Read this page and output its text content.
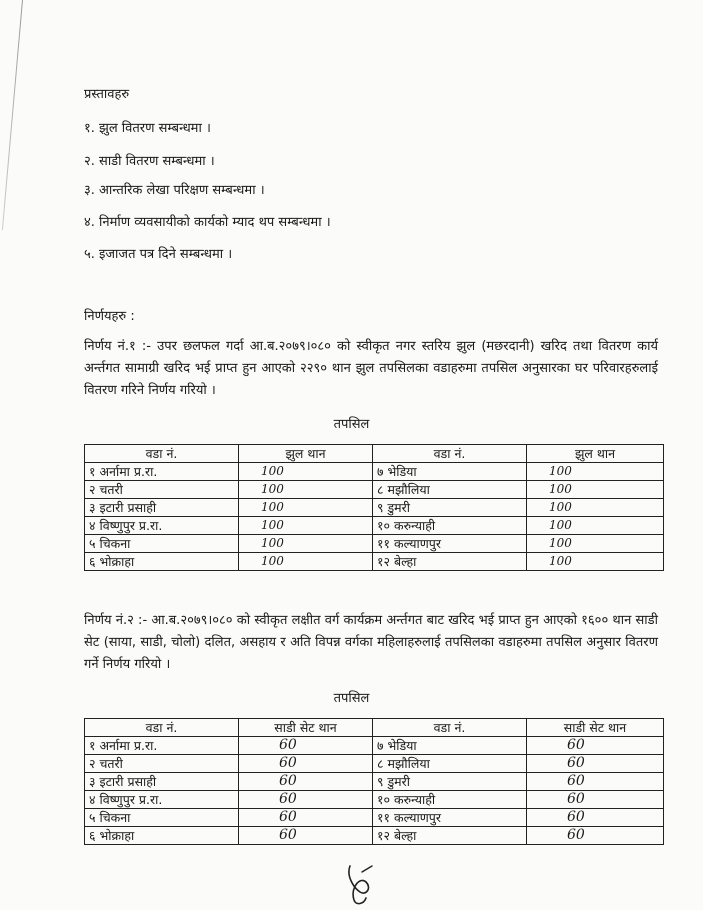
प्रस्तावहरु
१. झुल वितरण सम्बन्धमा ।
२. साडी वितरण सम्बन्धमा ।
३. आन्तरिक लेखा परिक्षण सम्बन्धमा ।
४. निर्माण व्यवसायीको कार्यको म्याद थप सम्बन्धमा ।
५. इजाजत पत्र दिने सम्बन्धमा ।
निर्णयहरु :
निर्णय नं.१ :- उपर छलफल गर्दा आ.ब.२०७९।०८० को स्वीकृत नगर स्तरिय झुल (मछरदानी) खरिद तथा वितरण कार्य अर्न्तगत सामाग्री खरिद भई प्राप्त हुन आएको २२९० थान झुल तपसिलका वडाहरुमा तपसिल अनुसारका घर परिवारहरुलाई वितरण गरिने निर्णय गरियो ।
तपसिल
वडा नं.	झुल थान	वडा नं.	झुल थान
१ अर्नामा प्र.रा.	100	७ भेडिया	100
२ चतरी	100	८ मझौलिया	100
३ इटारी प्रसाही	100	९ डुमरी	100
४ विष्णुपुर प्र.रा.	100	१० करुन्याही	100
५ चिकना	100	११ कल्याणपुर	100
६ भोक्राहा	100	१२ बेल्हा	100
निर्णय नं.२ :- आ.ब.२०७९।०८० को स्वीकृत लक्षीत वर्ग कार्यक्रम अर्न्तगत बाट खरिद भई प्राप्त हुन आएको १६०० थान साडी सेट (साया, साडी, चोलो) दलित, असहाय र अति विपन्न वर्गका महिलाहरुलाई तपसिलका वडाहरुमा तपसिल अनुसार वितरण गर्ने निर्णय गरियो ।
तपसिल
वडा नं.	साडी सेट थान	वडा नं.	साडी सेट थान
१ अर्नामा प्र.रा.	60	७ भेडिया	60
२ चतरी	60	८ मझौलिया	60
३ इटारी प्रसाही	60	९ डुमरी	60
४ विष्णुपुर प्र.रा.	60	१० करुन्याही	60
५ चिकना	60	११ कल्याणपुर	60
६ भोक्राहा	60	१२ बेल्हा	60
